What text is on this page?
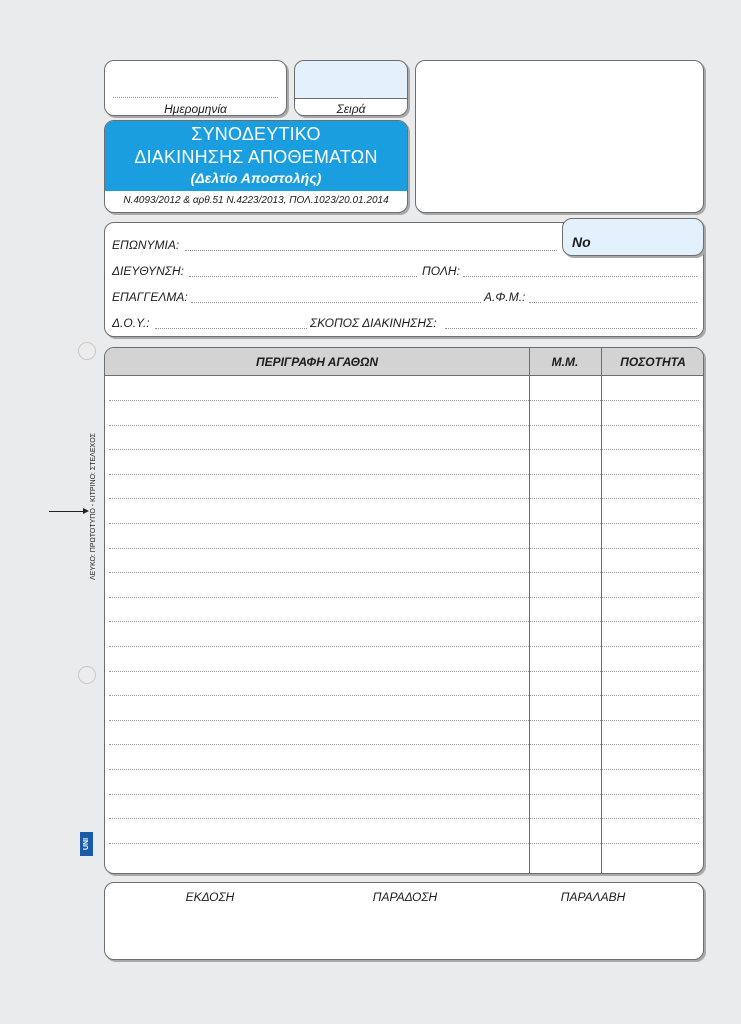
ΛΕΥΚΟ: ΠΡΩΤΟΤΥΠΟ - ΚΙΤΡΙΝΟ: ΣΤΕΛΕΧΟΣ
UNI
Ημερομηνία	Σειρά
ΣΥΝΟΔΕΥΤΙΚΟ
ΔΙΑΚΙΝΗΣΗΣ ΑΠΟΘΕΜΑΤΩΝ
(Δελτίο Αποστολής)
Ν.4093/2012 & αρθ.51 Ν.4223/2013, ΠΟΛ.1023/20.01.2014
ΕΠΩΝΥΜΙΑ:
ΔΙΕΥΘΥΝΣΗ:	ΠΟΛΗ:
ΕΠΑΓΓΕΛΜΑ:	Α.Φ.Μ.:
Δ.Ο.Υ.:	ΣΚΟΠΟΣ ΔΙΑΚΙΝΗΣΗΣ:
Νο
ΠΕΡΙΓΡΑΦΗ ΑΓΑΘΩΝ	Μ.Μ.	ΠΟΣΟΤΗΤΑ
ΕΚΔΟΣΗ	ΠΑΡΑΔΟΣΗ	ΠΑΡΑΛΑΒΗ
